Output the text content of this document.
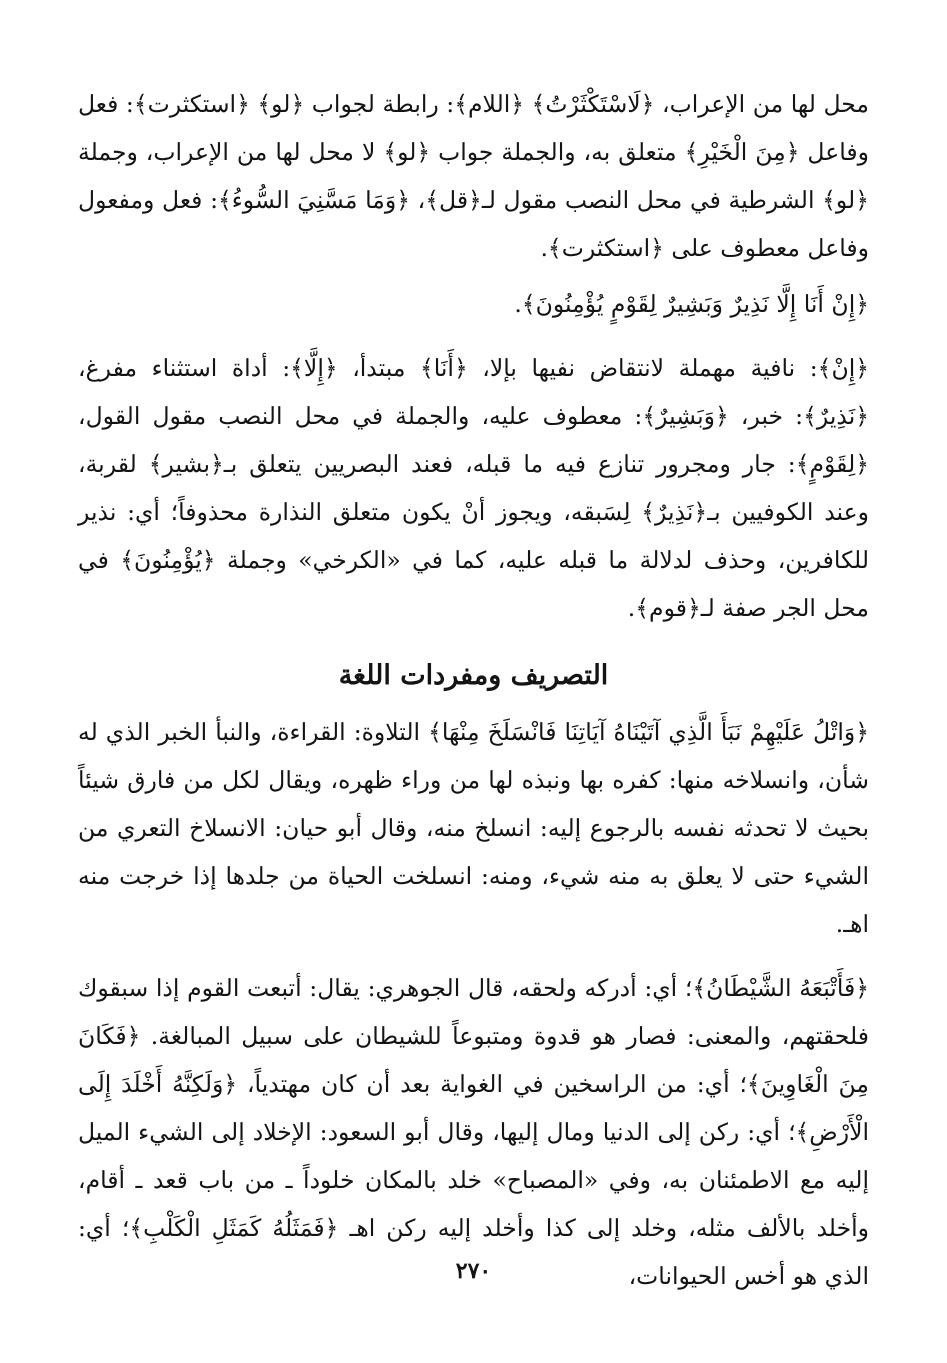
محل لها من الإعراب، ﴿لَاسْتَكْثَرْتُ﴾ ﴿اللام﴾: رابطة لجواب ﴿لو﴾ ﴿استكثرت﴾: فعل وفاعل ﴿مِنَ الْخَيْرِ﴾ متعلق به، والجملة جواب ﴿لو﴾ لا محل لها من الإعراب، وجملة ﴿لو﴾ الشرطية في محل النصب مقول لـ﴿قل﴾، ﴿وَمَا مَسَّنِيَ السُّوءُ﴾: فعل ومفعول وفاعل معطوف على ﴿استكثرت﴾.

﴿إِنْ أَنَا إِلَّا نَذِيرٌ وَبَشِيرٌ لِقَوْمٍ يُؤْمِنُونَ﴾.

﴿إِنْ﴾: نافية مهملة لانتقاض نفيها بإلا، ﴿أَنَا﴾ مبتدأ، ﴿إِلَّا﴾: أداة استثناء مفرغ، ﴿نَذِيرٌ﴾: خبر، ﴿وَبَشِيرٌ﴾: معطوف عليه، والجملة في محل النصب مقول القول، ﴿لِقَوْمٍ﴾: جار ومجرور تنازع فيه ما قبله، فعند البصريين يتعلق بـ﴿بشير﴾ لقربة، وعند الكوفيين بـ﴿نَذِيرٌ﴾ لِسَبقه، ويجوز أنْ يكون متعلق النذارة محذوفاً؛ أي: نذير للكافرين، وحذف لدلالة ما قبله عليه، كما في «الكرخي» وجملة ﴿يُؤْمِنُونَ﴾ في محل الجر صفة لـ﴿قوم﴾.

التصريف ومفردات اللغة

﴿وَاتْلُ عَلَيْهِمْ نَبَأَ الَّذِي آتَيْنَاهُ آيَاتِنَا فَانْسَلَخَ مِنْهَا﴾ التلاوة: القراءة، والنبأ الخبر الذي له شأن، وانسلاخه منها: كفره بها ونبذه لها من وراء ظهره، ويقال لكل من فارق شيئاً بحيث لا تحدثه نفسه بالرجوع إليه: انسلخ منه، وقال أبو حيان: الانسلاخ التعري من الشيء حتى لا يعلق به منه شيء، ومنه: انسلخت الحياة من جلدها إذا خرجت منه اهـ.

﴿فَأَتْبَعَهُ الشَّيْطَانُ﴾؛ أي: أدركه ولحقه، قال الجوهري: يقال: أتبعت القوم إذا سبقوك فلحقتهم، والمعنى: فصار هو قدوة ومتبوعاً للشيطان على سبيل المبالغة. ﴿فَكَانَ مِنَ الْغَاوِينَ﴾؛ أي: من الراسخين في الغواية بعد أن كان مهتدياً، ﴿وَلَكِنَّهُ أَخْلَدَ إِلَى الْأَرْضِ﴾؛ أي: ركن إلى الدنيا ومال إليها، وقال أبو السعود: الإخلاد إلى الشيء الميل إليه مع الاطمئنان به، وفي «المصباح» خلد بالمكان خلوداً ـ من باب قعد ـ أقام، وأخلد بالألف مثله، وخلد إلى كذا وأخلد إليه ركن اهـ ﴿فَمَثَلُهُ كَمَثَلِ الْكَلْبِ﴾؛ أي: الذي هو أخس الحيوانات،

٢٧٠
